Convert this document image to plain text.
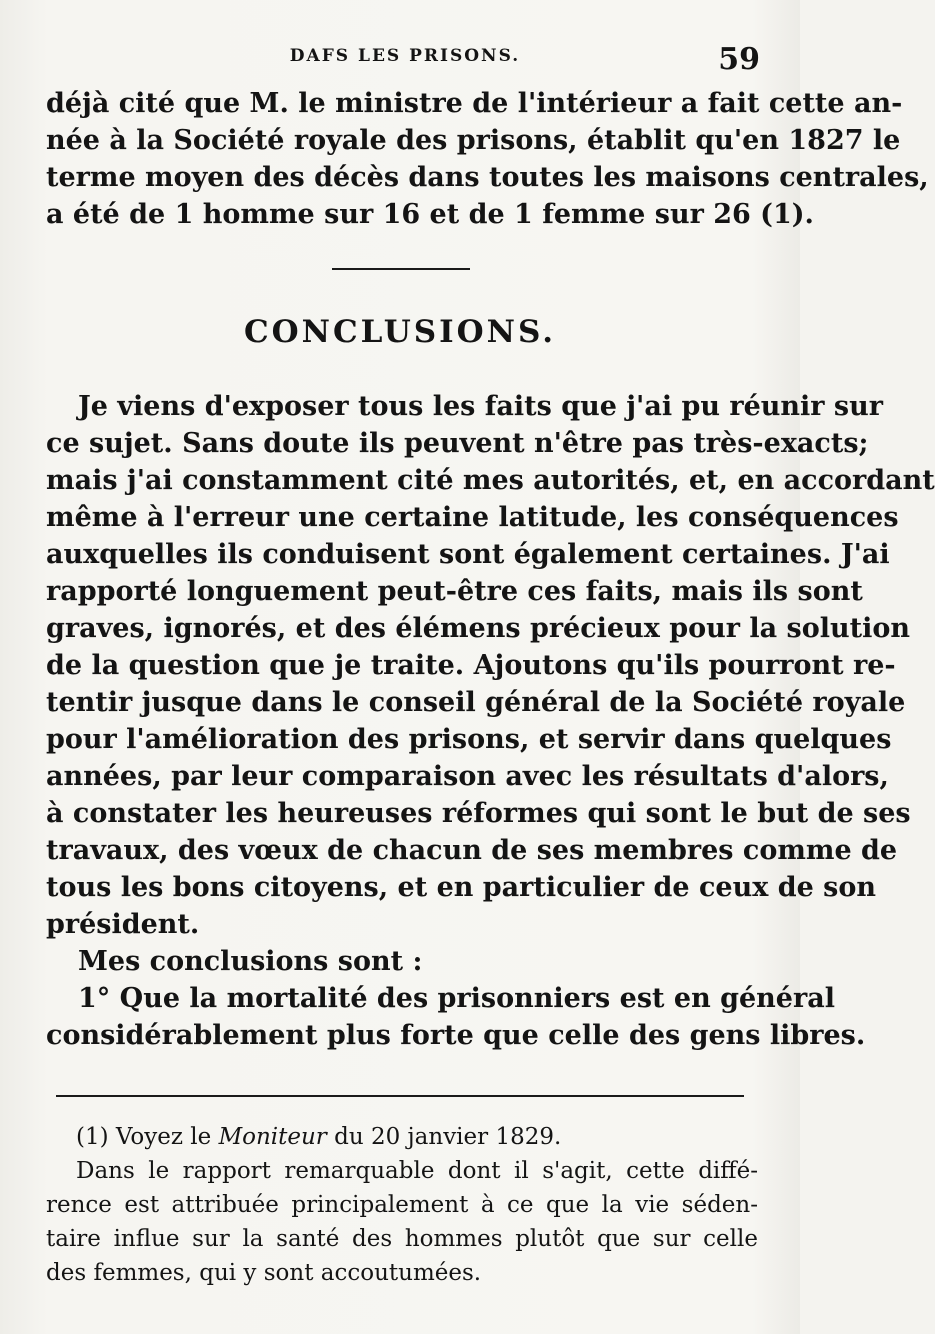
DAFS LES PRISONS.	59
déjà cité que M. le ministre de l'intérieur a fait cette an-
née à la Société royale des prisons, établit qu'en 1827 le
terme moyen des décès dans toutes les maisons centrales,
a été de 1 homme sur 16 et de 1 femme sur 26 (1).
CONCLUSIONS.
Je viens d'exposer tous les faits que j'ai pu réunir sur
ce sujet. Sans doute ils peuvent n'être pas très-exacts;
mais j'ai constamment cité mes autorités, et, en accordant
même à l'erreur une certaine latitude, les conséquences
auxquelles ils conduisent sont également certaines. J'ai
rapporté longuement peut-être ces faits, mais ils sont
graves, ignorés, et des élémens précieux pour la solution
de la question que je traite. Ajoutons qu'ils pourront re-
tentir jusque dans le conseil général de la Société royale
pour l'amélioration des prisons, et servir dans quelques
années, par leur comparaison avec les résultats d'alors,
à constater les heureuses réformes qui sont le but de ses
travaux, des vœux de chacun de ses membres comme de
tous les bons citoyens, et en particulier de ceux de son
président.
Mes conclusions sont :
1° Que la mortalité des prisonniers est en général
considérablement plus forte que celle des gens libres.
(1) Voyez le Moniteur du 20 janvier 1829.
Dans le rapport remarquable dont il s'agit, cette diffé-
rence est attribuée principalement à ce que la vie séden-
taire influe sur la santé des hommes plutôt que sur celle
des femmes, qui y sont accoutumées.
